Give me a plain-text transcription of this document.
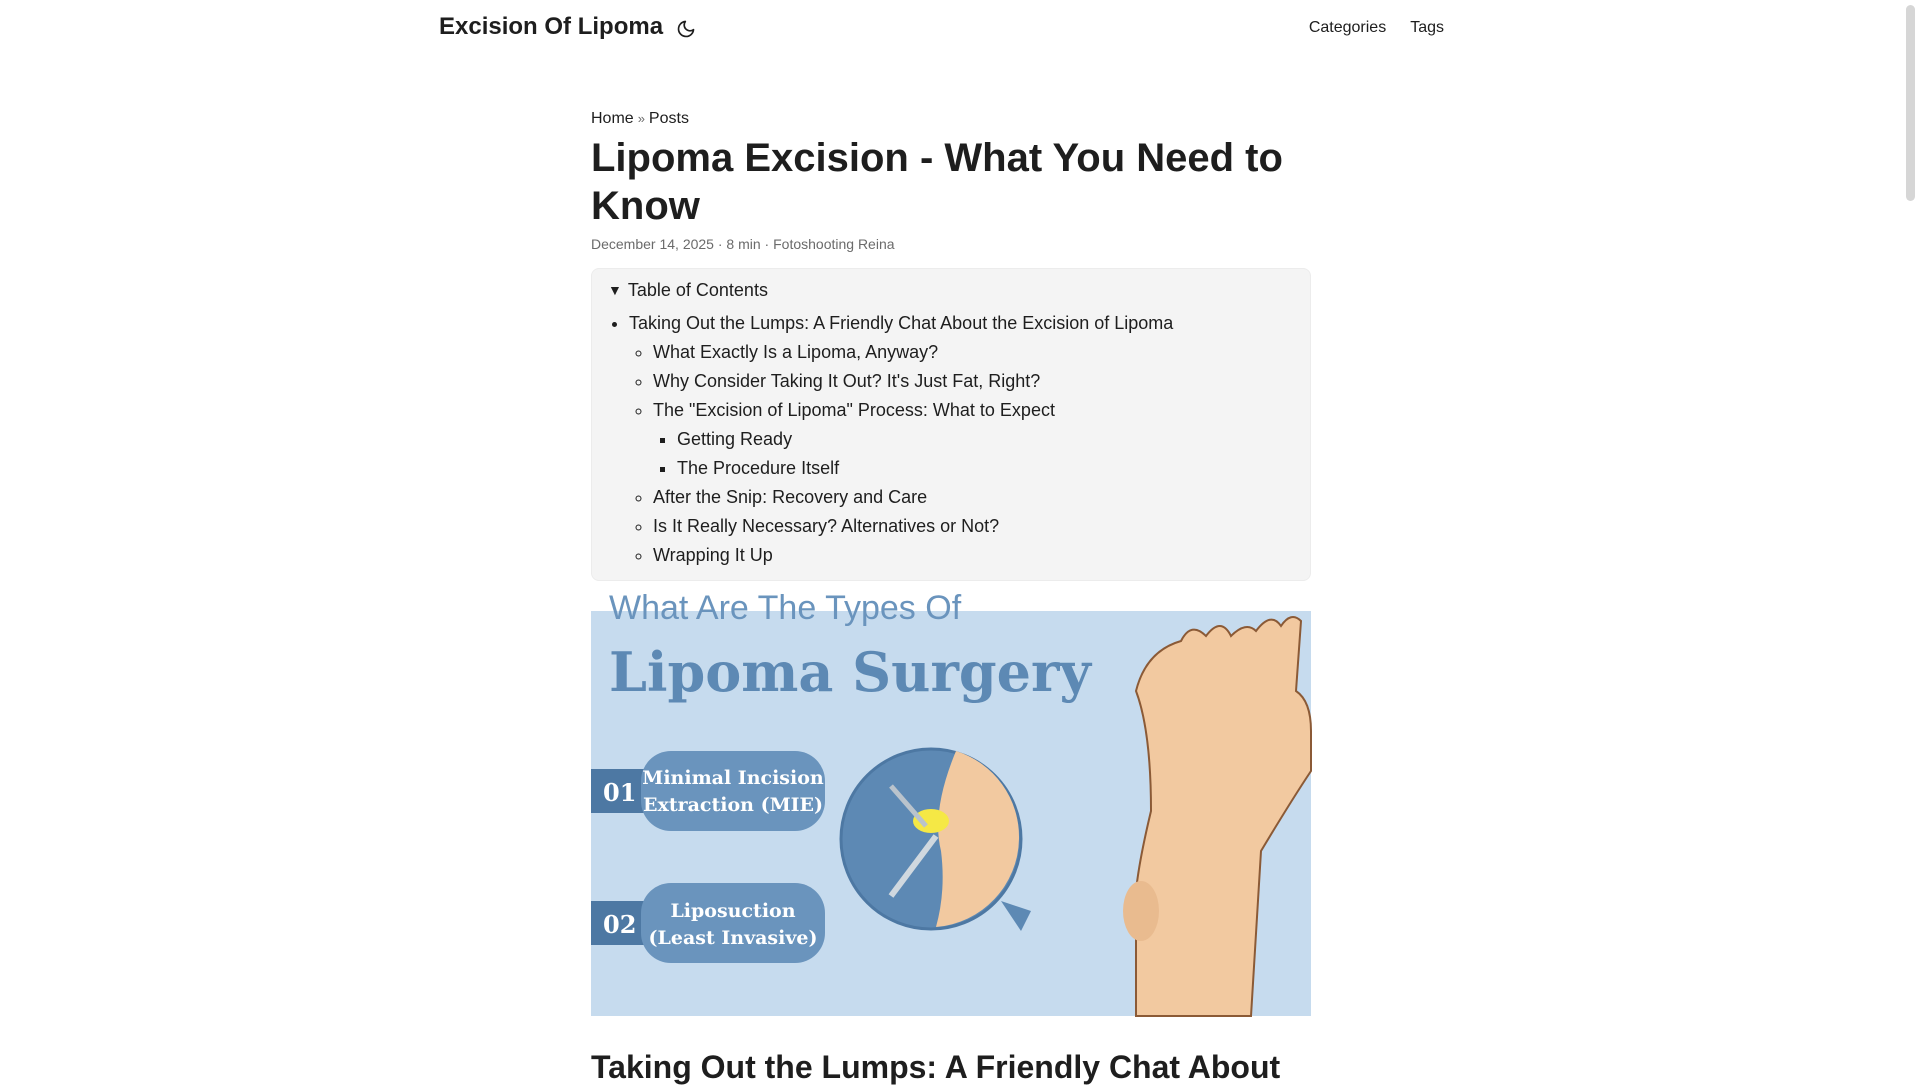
Excision Of Lipoma	Categories Tags
Home » Posts
Lipoma Excision - What You Need to Know
December 14, 2025 · 8 min · Fotoshooting Reina
▼ Table of Contents
• Taking Out the Lumps: A Friendly Chat About the Excision of Lipoma
◦ What Exactly Is a Lipoma, Anyway?
◦ Why Consider Taking It Out? It's Just Fat, Right?
◦ The "Excision of Lipoma" Process: What to Expect
▪ Getting Ready
▪ The Procedure Itself
◦ After the Snip: Recovery and Care
◦ Is It Really Necessary? Alternatives or Not?
◦ Wrapping It Up
What Are The Types Of
Lipoma Surgery
01 Minimal Incision
Extraction (MIE)
02 Liposuction
(Least Invasive)
Taking Out the Lumps: A Friendly Chat About
